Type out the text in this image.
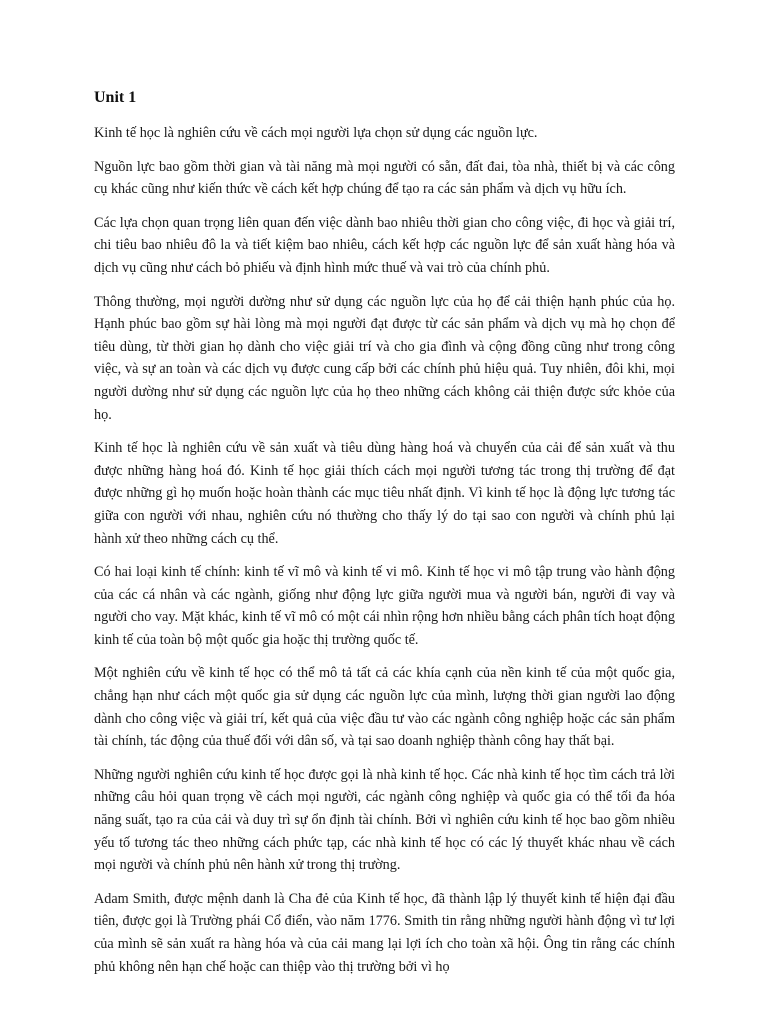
Unit 1

Kinh tế học là nghiên cứu về cách mọi người lựa chọn sử dụng các nguồn lực.

Nguồn lực bao gồm thời gian và tài năng mà mọi người có sẵn, đất đai, tòa nhà, thiết bị và các công cụ khác cũng như kiến thức về cách kết hợp chúng để tạo ra các sản phẩm và dịch vụ hữu ích.

Các lựa chọn quan trọng liên quan đến việc dành bao nhiêu thời gian cho công việc, đi học và giải trí, chi tiêu bao nhiêu đô la và tiết kiệm bao nhiêu, cách kết hợp các nguồn lực để sản xuất hàng hóa và dịch vụ cũng như cách bỏ phiếu và định hình mức thuế và vai trò của chính phủ.

Thông thường, mọi người dường như sử dụng các nguồn lực của họ để cải thiện hạnh phúc của họ. Hạnh phúc bao gồm sự hài lòng mà mọi người đạt được từ các sản phẩm và dịch vụ mà họ chọn để tiêu dùng, từ thời gian họ dành cho việc giải trí và cho gia đình và cộng đồng cũng như trong công việc, và sự an toàn và các dịch vụ được cung cấp bởi các chính phủ hiệu quả. Tuy nhiên, đôi khi, mọi người dường như sử dụng các nguồn lực của họ theo những cách không cải thiện được sức khỏe của họ.

Kinh tế học là nghiên cứu về sản xuất và tiêu dùng hàng hoá và chuyển của cải để sản xuất và thu được những hàng hoá đó. Kinh tế học giải thích cách mọi người tương tác trong thị trường để đạt được những gì họ muốn hoặc hoàn thành các mục tiêu nhất định. Vì kinh tế học là động lực tương tác giữa con người với nhau, nghiên cứu nó thường cho thấy lý do tại sao con người và chính phủ lại hành xử theo những cách cụ thể.

Có hai loại kinh tế chính: kinh tế vĩ mô và kinh tế vi mô. Kinh tế học vi mô tập trung vào hành động của các cá nhân và các ngành, giống như động lực giữa người mua và người bán, người đi vay và người cho vay. Mặt khác, kinh tế vĩ mô có một cái nhìn rộng hơn nhiều bằng cách phân tích hoạt động kinh tế của toàn bộ một quốc gia hoặc thị trường quốc tế.

Một nghiên cứu về kinh tế học có thể mô tả tất cả các khía cạnh của nền kinh tế của một quốc gia, chẳng hạn như cách một quốc gia sử dụng các nguồn lực của mình, lượng thời gian người lao động dành cho công việc và giải trí, kết quả của việc đầu tư vào các ngành công nghiệp hoặc các sản phẩm tài chính, tác động của thuế đối với dân số, và tại sao doanh nghiệp thành công hay thất bại.

Những người nghiên cứu kinh tế học được gọi là nhà kinh tế học. Các nhà kinh tế học tìm cách trả lời những câu hỏi quan trọng về cách mọi người, các ngành công nghiệp và quốc gia có thể tối đa hóa năng suất, tạo ra của cải và duy trì sự ổn định tài chính. Bởi vì nghiên cứu kinh tế học bao gồm nhiều yếu tố tương tác theo những cách phức tạp, các nhà kinh tế học có các lý thuyết khác nhau về cách mọi người và chính phủ nên hành xử trong thị trường.

Adam Smith, được mệnh danh là Cha đẻ của Kinh tế học, đã thành lập lý thuyết kinh tế hiện đại đầu tiên, được gọi là Trường phái Cổ điển, vào năm 1776. Smith tin rằng những người hành động vì tư lợi của mình sẽ sản xuất ra hàng hóa và của cải mang lại lợi ích cho toàn xã hội. Ông tin rằng các chính phủ không nên hạn chế hoặc can thiệp vào thị trường bởi vì họ
